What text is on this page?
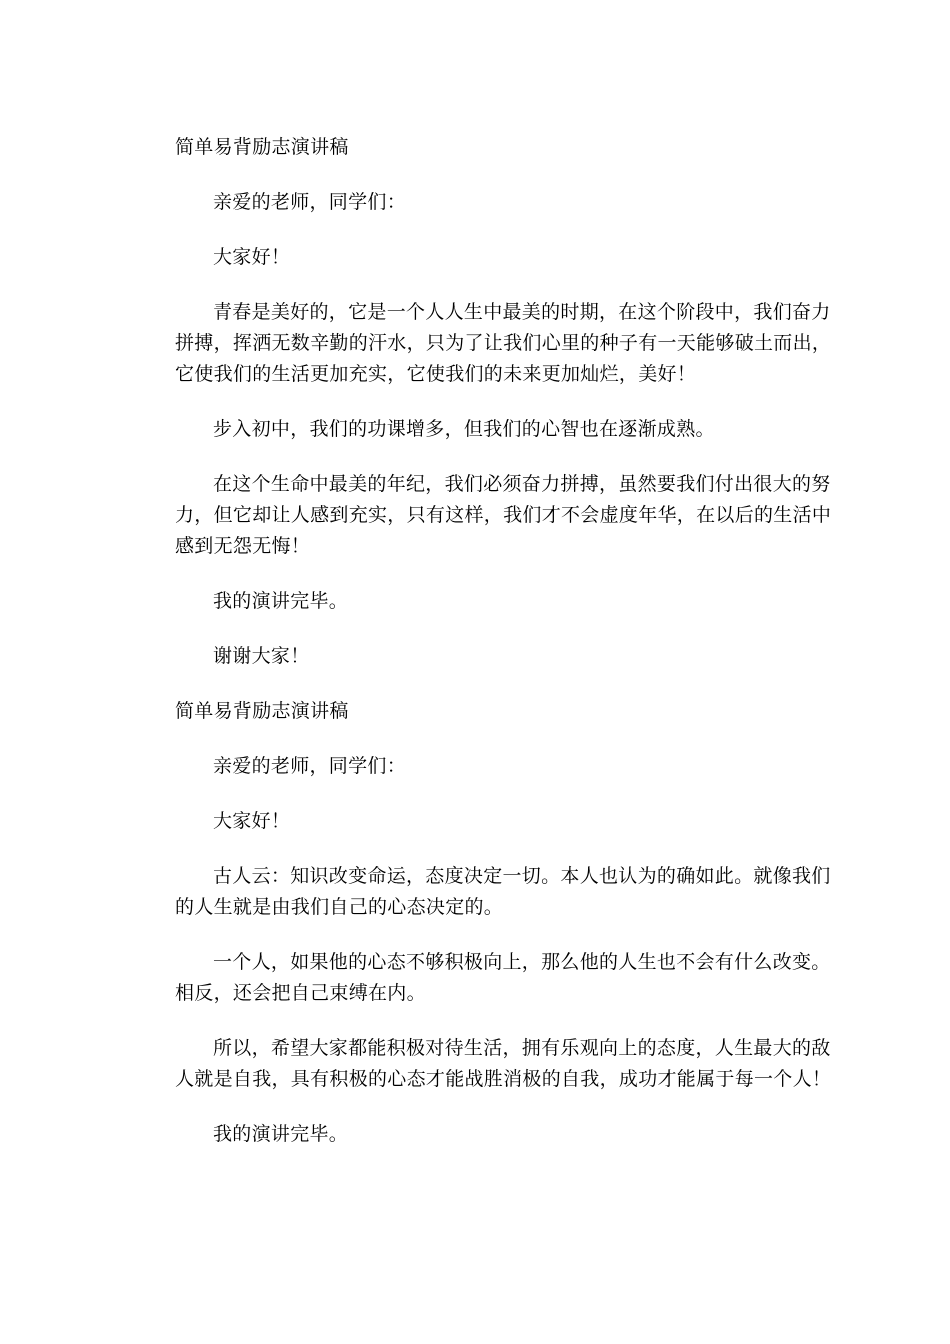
简单易背励志演讲稿

亲爱的老师，同学们：

大家好！

青春是美好的，它是一个人人生中最美的时期，在这个阶段中，我们奋力拼搏，挥洒无数辛勤的汗水，只为了让我们心里的种子有一天能够破土而出，它使我们的生活更加充实，它使我们的未来更加灿烂，美好！

步入初中，我们的功课增多，但我们的心智也在逐渐成熟。

在这个生命中最美的年纪，我们必须奋力拼搏，虽然要我们付出很大的努力，但它却让人感到充实，只有这样，我们才不会虚度年华，在以后的生活中感到无怨无悔！

我的演讲完毕。

谢谢大家！

简单易背励志演讲稿

亲爱的老师，同学们：

大家好！

古人云：知识改变命运，态度决定一切。本人也认为的确如此。就像我们的人生就是由我们自己的心态决定的。

一个人，如果他的心态不够积极向上，那么他的人生也不会有什么改变。相反，还会把自己束缚在内。

所以，希望大家都能积极对待生活，拥有乐观向上的态度，人生最大的敌人就是自我，具有积极的心态才能战胜消极的自我，成功才能属于每一个人！

我的演讲完毕。
